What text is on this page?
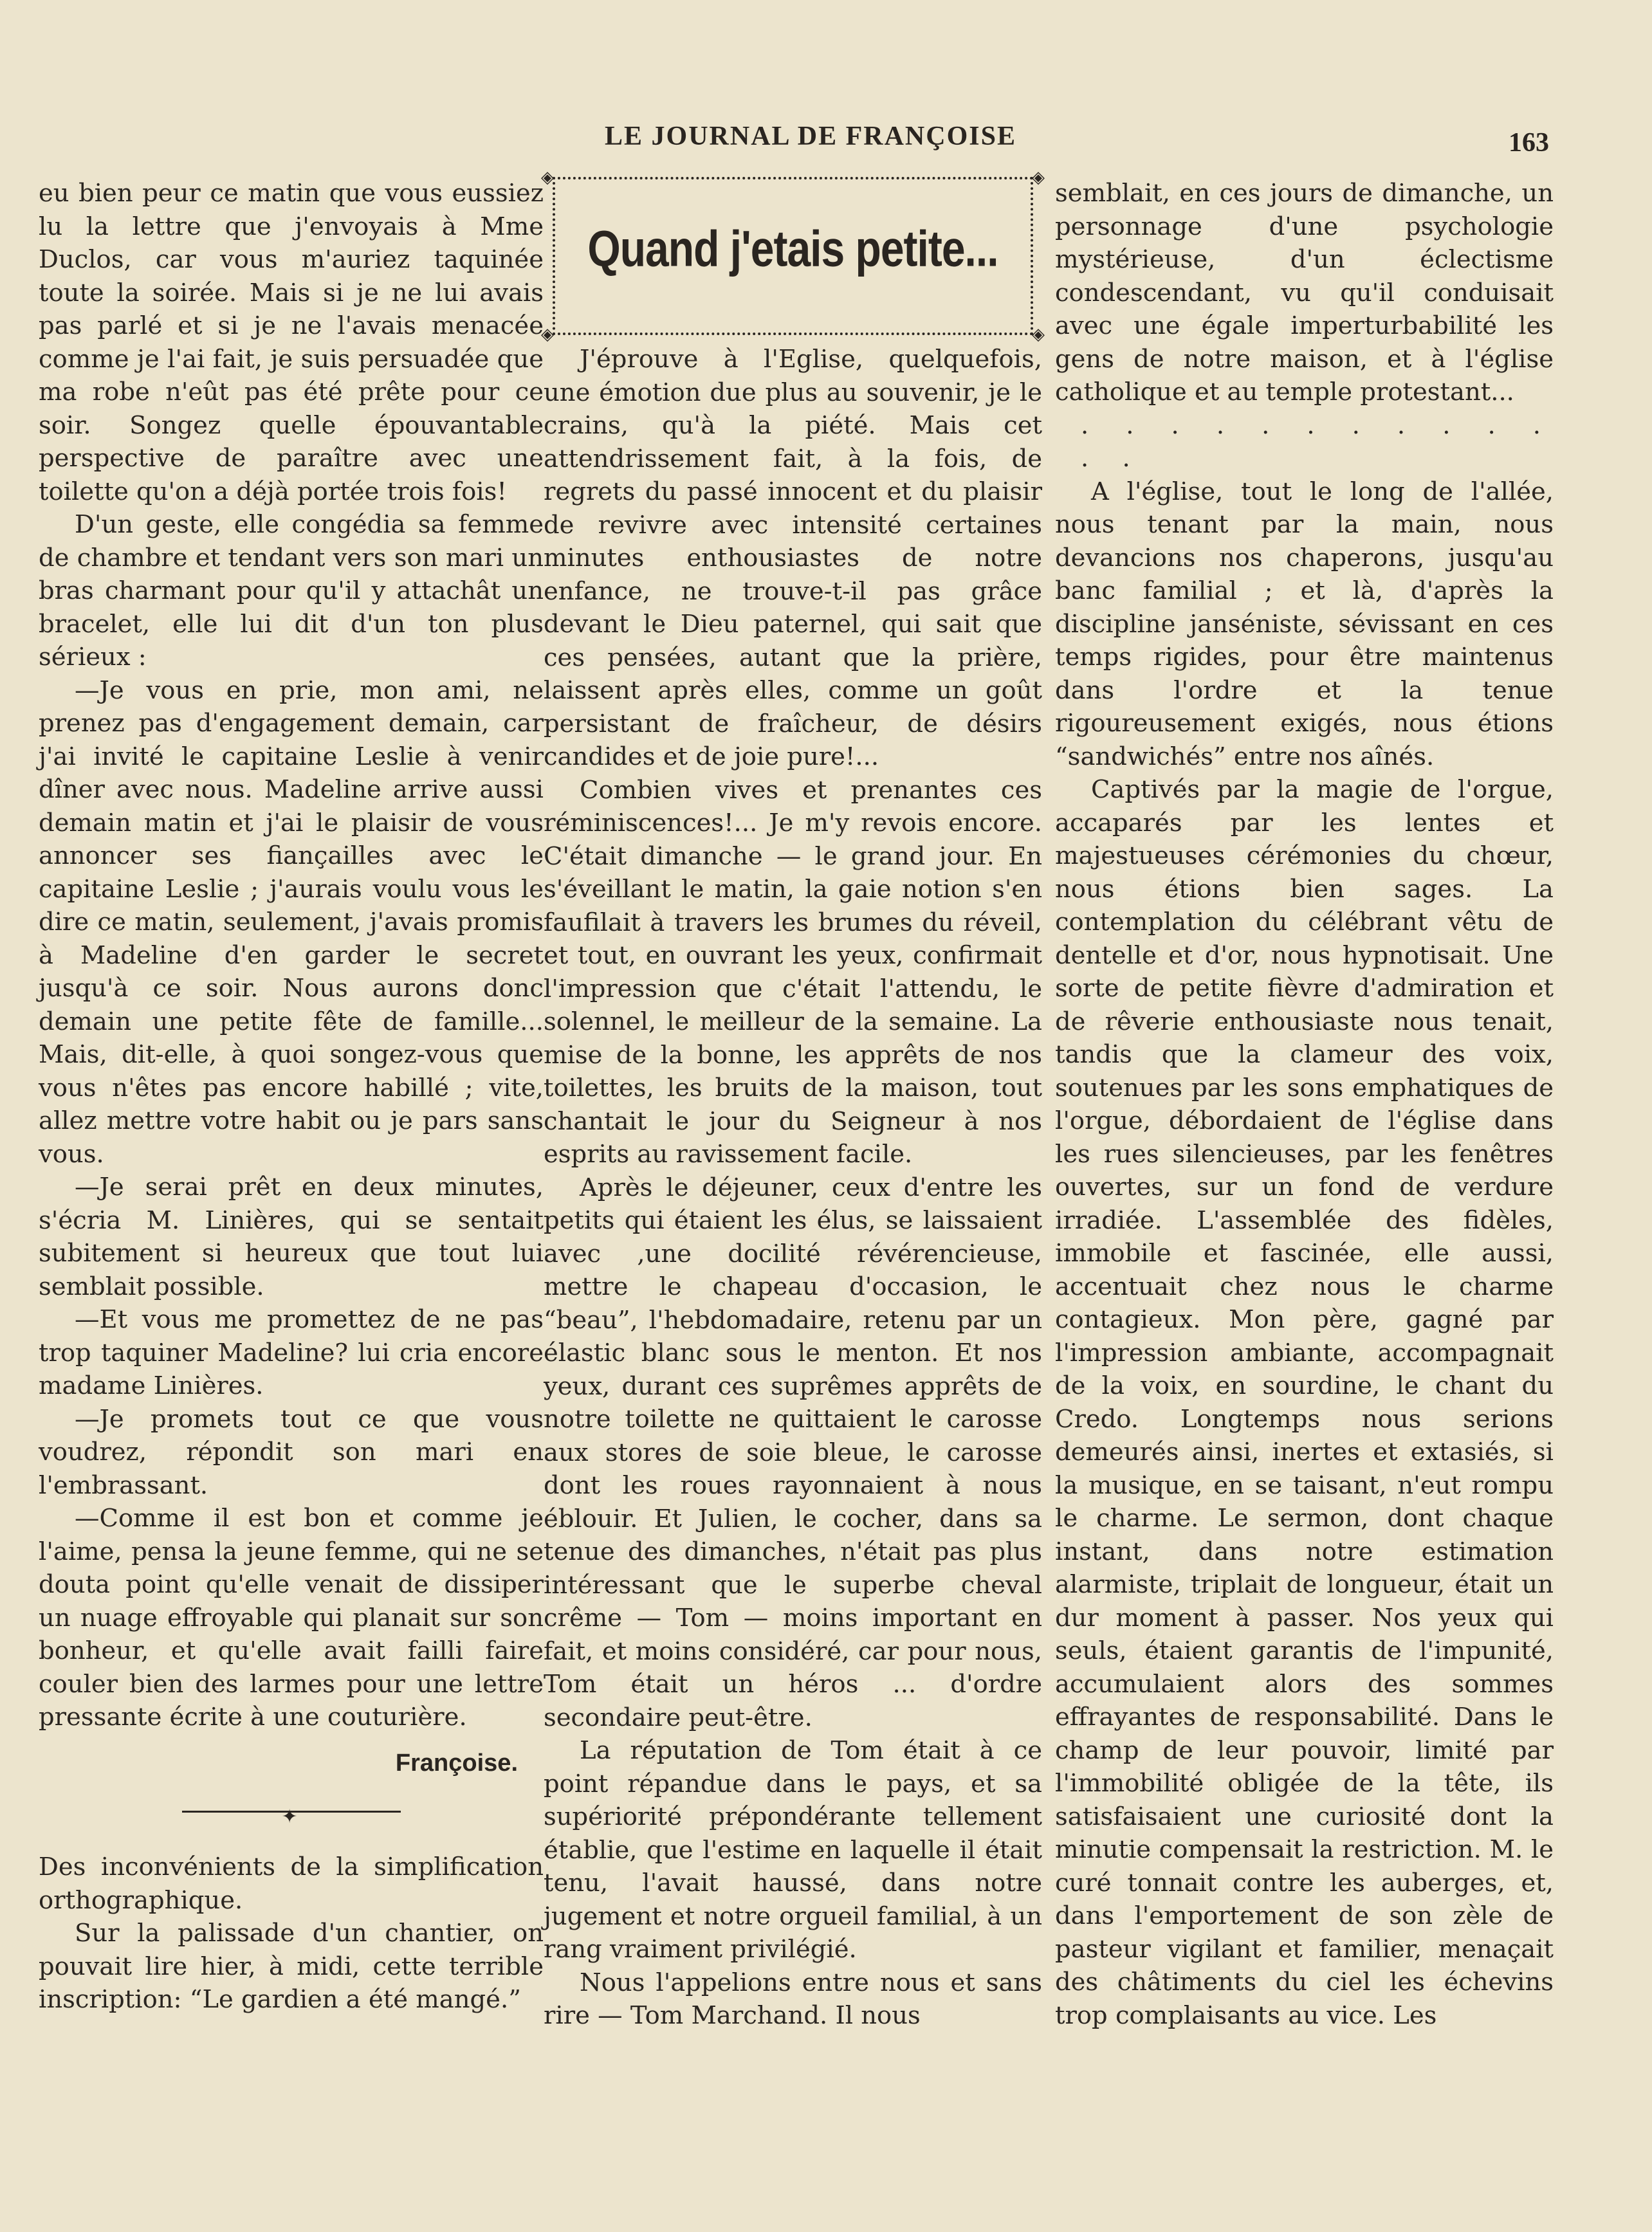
LE JOURNAL DE FRANÇOISE	163

eu bien peur ce matin que vous eussiez lu la lettre que j'envoyais à Mme Duclos, car vous m'auriez taquinée toute la soirée. Mais si je ne lui avais pas parlé et si je ne l'avais menacée comme je l'ai fait, je suis persuadée que ma robe n'eût pas été prête pour ce soir. Songez quelle épouvantable perspective de paraître avec une toilette qu'on a déjà portée trois fois!

D'un geste, elle congédia sa femme de chambre et tendant vers son mari un bras charmant pour qu'il y attachât un bracelet, elle lui dit d'un ton plus sérieux :

—Je vous en prie, mon ami, ne prenez pas d'engagement demain, car j'ai invité le capitaine Leslie à venir dîner avec nous. Madeline arrive aussi demain matin et j'ai le plaisir de vous annoncer ses fiançailles avec le capitaine Leslie ; j'aurais voulu vous le dire ce matin, seulement, j'avais promis à Madeline d'en garder le secret jusqu'à ce soir. Nous aurons donc demain une petite fête de famille... Mais, dit-elle, à quoi songez-vous que vous n'êtes pas encore habillé ; vite, allez mettre votre habit ou je pars sans vous.

—Je serai prêt en deux minutes, s'écria M. Linières, qui se sentait subitement si heureux que tout lui semblait possible.

—Et vous me promettez de ne pas trop taquiner Madeline? lui cria encore madame Linières.

—Je promets tout ce que vous voudrez, répondit son mari en l'embrassant.

—Comme il est bon et comme je l'aime, pensa la jeune femme, qui ne se douta point qu'elle venait de dissiper un nuage effroyable qui planait sur son bonheur, et qu'elle avait failli faire couler bien des larmes pour une lettre pressante écrite à une couturière.

Françoise.
✦

Des inconvénients de la simplification orthographique.

Sur la palissade d'un chantier, on pouvait lire hier, à midi, cette terrible inscription: “Le gardien a été mangé.”

◈	◈
◈	◈
Quand j'etais petite...

J'éprouve à l'Eglise, quelquefois, une émotion due plus au souvenir, je le crains, qu'à la piété. Mais cet attendrissement fait, à la fois, de regrets du passé innocent et du plaisir de revivre avec intensité certaines minutes enthousiastes de notre enfance, ne trouve-t-il pas grâce devant le Dieu paternel, qui sait que ces pensées, autant que la prière, laissent après elles, comme un goût persistant de fraîcheur, de désirs candides et de joie pure!...

Combien vives et prenantes ces réminiscences!... Je m'y revois encore. C'était dimanche — le grand jour. En s'éveillant le matin, la gaie notion s'en faufilait à travers les brumes du réveil, et tout, en ouvrant les yeux, confirmait l'impression que c'était l'attendu, le solennel, le meilleur de la semaine. La mise de la bonne, les apprêts de nos toilettes, les bruits de la maison, tout chantait le jour du Seigneur à nos esprits au ravissement facile.

Après le déjeuner, ceux d'entre les petits qui étaient les élus, se laissaient avec ,une docilité révérencieuse, mettre le chapeau d'occasion, le “beau”, l'hebdomadaire, retenu par un élastic blanc sous le menton. Et nos yeux, durant ces suprêmes apprêts de notre toilette ne quittaient le carosse aux stores de soie bleue, le carosse dont les roues rayonnaient à nous éblouir. Et Julien, le cocher, dans sa tenue des dimanches, n'était pas plus intéressant que le superbe cheval crême — Tom — moins important en fait, et moins considéré, car pour nous, Tom était un héros ... d'ordre secondaire peut-être.

La réputation de Tom était à ce point répandue dans le pays, et sa supériorité prépondérante tellement établie, que l'estime en laquelle il était tenu, l'avait haussé, dans notre jugement et notre orgueil familial, à un rang vraiment privilégié.

Nous l'appelions entre nous et sans rire — Tom Marchand. Il nous

semblait, en ces jours de dimanche, un personnage d'une psychologie mystérieuse, d'un éclectisme condescendant, vu qu'il conduisait avec une égale imperturbabilité les gens de notre maison, et à l'église catholique et au temple protestant...

. . . . . . . . . . . . .

A l'église, tout le long de l'allée, nous tenant par la main, nous devancions nos chaperons, jusqu'au banc familial ; et là, d'après la discipline janséniste, sévissant en ces temps rigides, pour être maintenus dans l'ordre et la tenue rigoureusement exigés, nous étions “sandwichés” entre nos aînés.

Captivés par la magie de l'orgue, accaparés par les lentes et majestueuses cérémonies du chœur, nous étions bien sages. La contemplation du célébrant vêtu de dentelle et d'or, nous hypnotisait. Une sorte de petite fièvre d'admiration et de rêverie enthousiaste nous tenait, tandis que la clameur des voix, soutenues par les sons emphatiques de l'orgue, débordaient de l'église dans les rues silencieuses, par les fenêtres ouvertes, sur un fond de verdure irradiée. L'assemblée des fidèles, immobile et fascinée, elle aussi, accentuait chez nous le charme contagieux. Mon père, gagné par l'impression ambiante, accompagnait de la voix, en sourdine, le chant du Credo. Longtemps nous serions demeurés ainsi, inertes et extasiés, si la musique, en se taisant, n'eut rompu le charme. Le sermon, dont chaque instant, dans notre estimation alarmiste, triplait de longueur, était un dur moment à passer. Nos yeux qui seuls, étaient garantis de l'impunité, accumulaient alors des sommes effrayantes de responsabilité. Dans le champ de leur pouvoir, limité par l'immobilité obligée de la tête, ils satisfaisaient une curiosité dont la minutie compensait la restriction. M. le curé tonnait contre les auberges, et, dans l'emportement de son zèle de pasteur vigilant et familier, menaçait des châtiments du ciel les échevins trop complaisants au vice. Les
